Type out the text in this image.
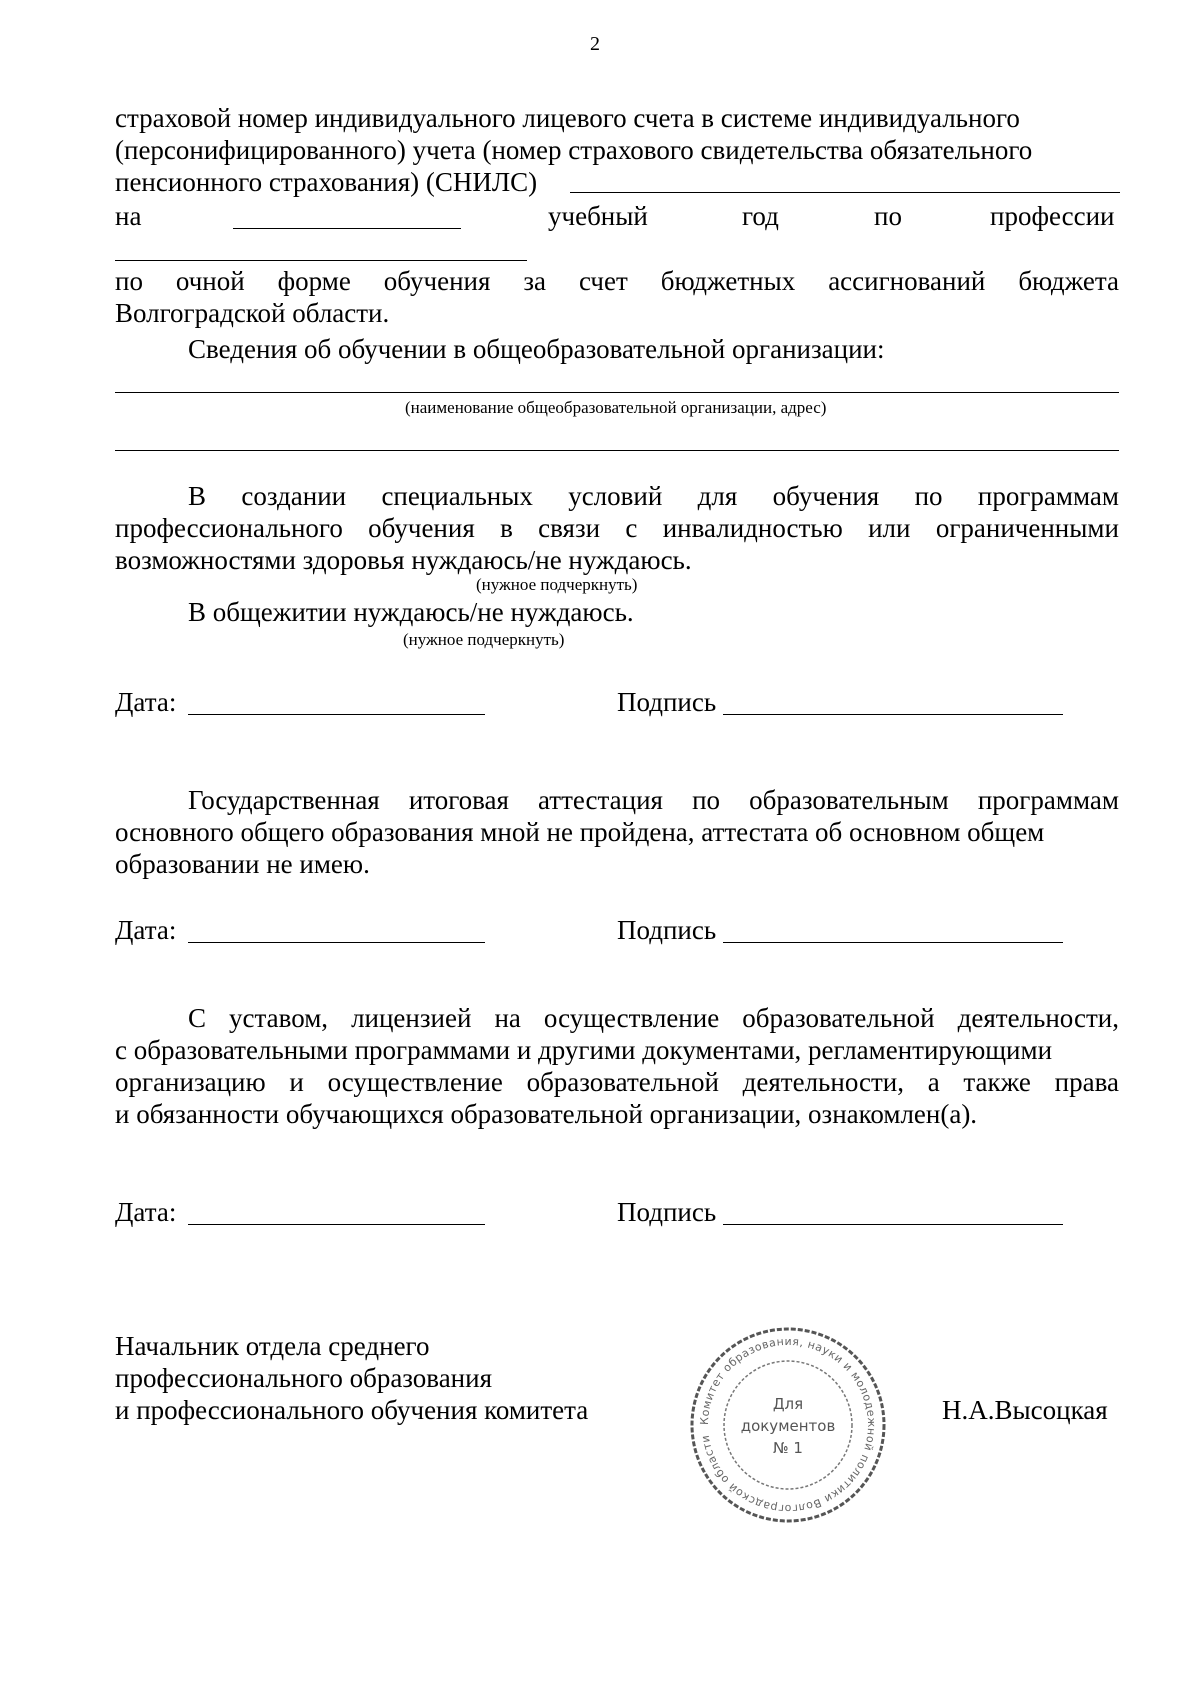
2
страховой номер индивидуального лицевого счета в системе индивидуального
(персонифицированного) учета (номер страхового свидетельства обязательного
пенсионного страхования) (СНИЛС)
на	учебный	год	по	профессии
по очной форме обучения за счет бюджетных ассигнований бюджета
Волгоградской области.
Сведения об обучении в общеобразовательной организации:
(наименование общеобразовательной организации, адрес)
В создании специальных условий для обучения по программам
профессионального обучения в связи с инвалидностью или ограниченными
возможностями здоровья нуждаюсь/не нуждаюсь.
(нужное подчеркнуть)
В общежитии нуждаюсь/не нуждаюсь.
(нужное подчеркнуть)
Дата:	Подпись
Государственная итоговая аттестация по образовательным программам
основного общего образования мной не пройдена, аттестата об основном общем
образовании не имею.
Дата:	Подпись
С уставом, лицензией на осуществление образовательной деятельности,
с образовательными программами и другими документами, регламентирующими
организацию и осуществление образовательной деятельности, а также права
и обязанности обучающихся образовательной организации, ознакомлен(а).
Дата:	Подпись
Начальник отдела среднего
профессионального образования
и профессионального обучения комитета	Н.А.Высоцкая
Комитет образования, науки и молодежной политики Волгоградской области
Для
документов
№ 1
